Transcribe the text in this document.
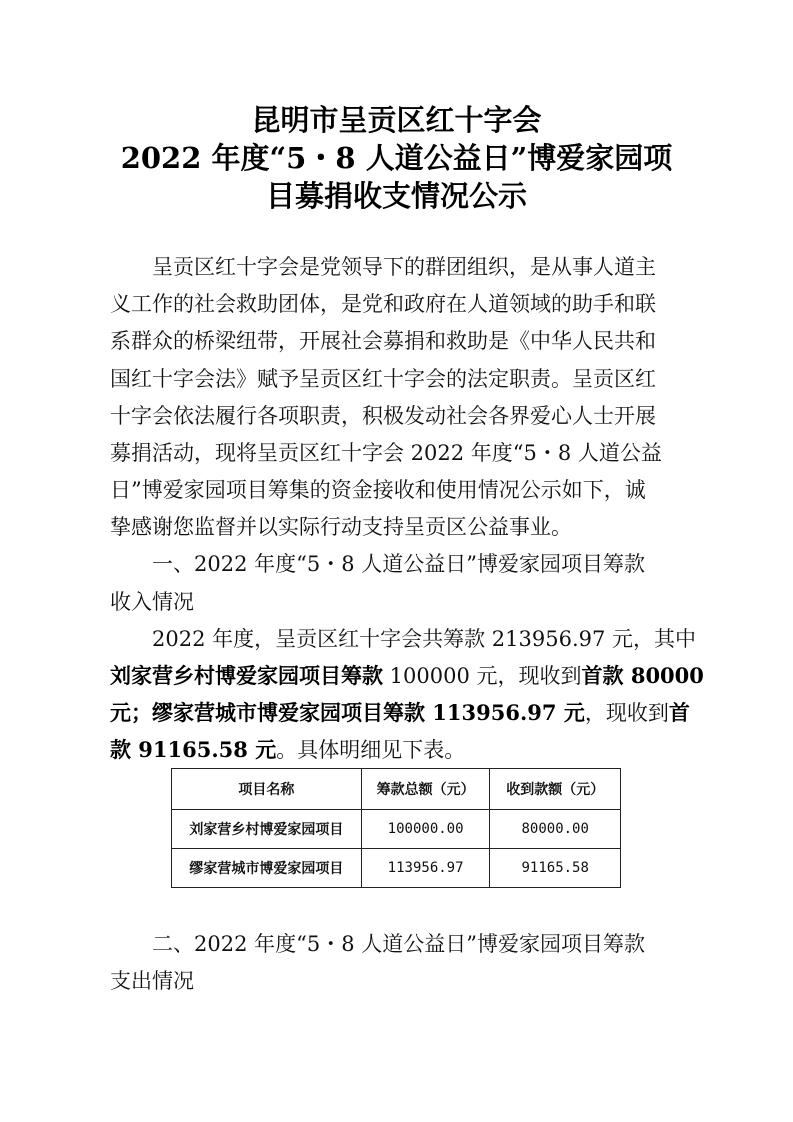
昆明市呈贡区红十字会
2022 年度“5・8 人道公益日”博爱家园项
目募捐收支情况公示
呈贡区红十字会是党领导下的群团组织，是从事人道主
义工作的社会救助团体，是党和政府在人道领域的助手和联
系群众的桥梁纽带，开展社会募捐和救助是《中华人民共和
国红十字会法》赋予呈贡区红十字会的法定职责。呈贡区红
十字会依法履行各项职责，积极发动社会各界爱心人士开展
募捐活动，现将呈贡区红十字会 2022 年度“5・8 人道公益
日”博爱家园项目筹集的资金接收和使用情况公示如下，诚
挚感谢您监督并以实际行动支持呈贡区公益事业。
一、2022 年度“5・8 人道公益日”博爱家园项目筹款
收入情况
2022 年度，呈贡区红十字会共筹款 213956.97 元，其中
刘家营乡村博爱家园项目筹款 100000 元，现收到首款 80000
元；缪家营城市博爱家园项目筹款 113956.97 元，现收到首
款 91165.58 元。具体明细见下表。
项目名称	筹款总额（元）	收到款额（元）
刘家营乡村博爱家园项目	100000.00	80000.00
缪家营城市博爱家园项目	113956.97	91165.58
二、2022 年度“5・8 人道公益日”博爱家园项目筹款
支出情况
